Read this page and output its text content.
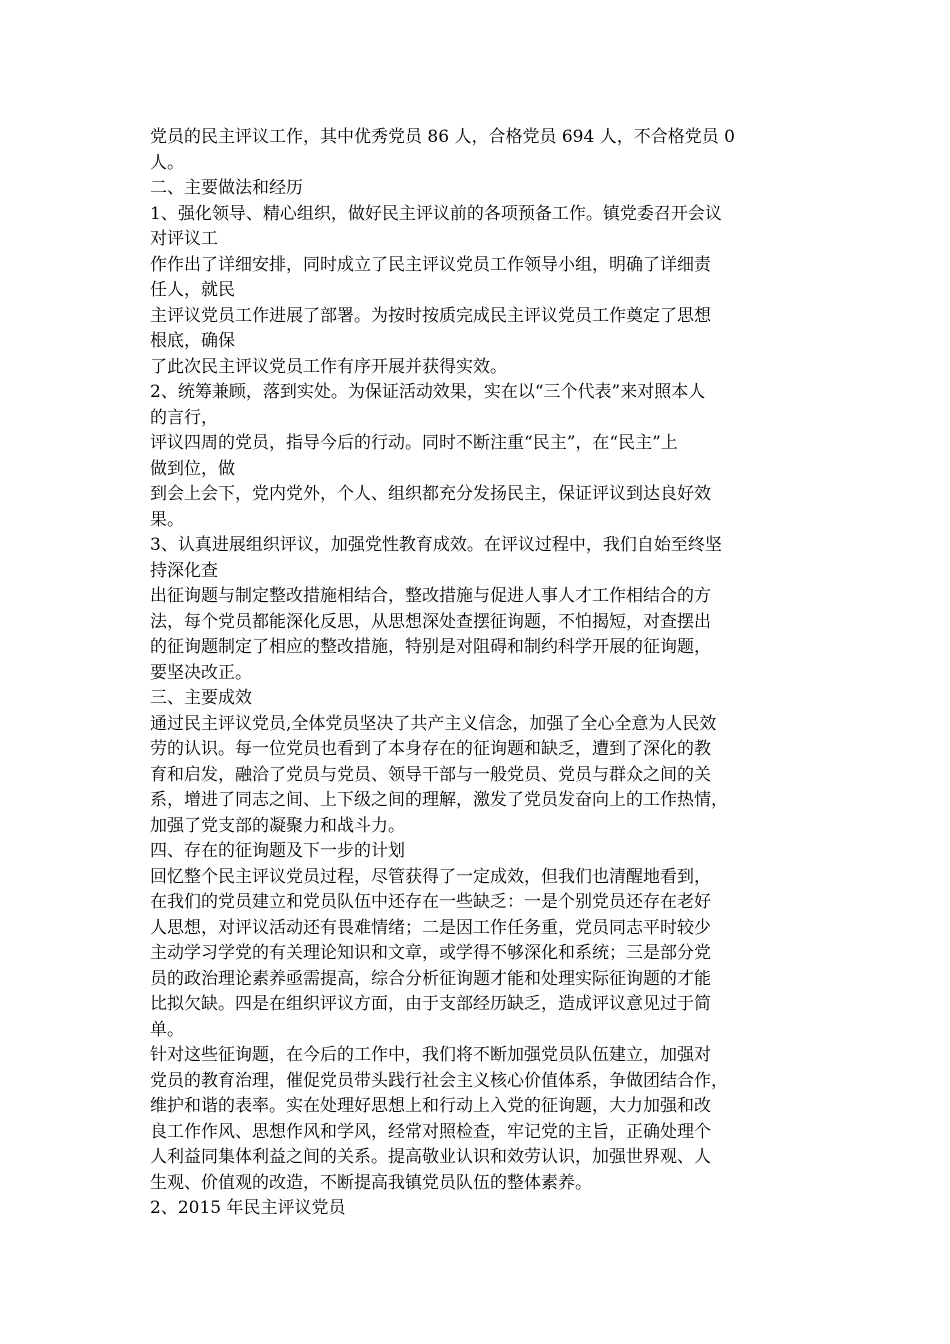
党员的民主评议工作，其中优秀党员 86 人，合格党员 694 人，不合格党员 0
人。
二、主要做法和经历
1、强化领导、精心组织，做好民主评议前的各项预备工作。镇党委召开会议
对评议工
作作出了详细安排，同时成立了民主评议党员工作领导小组，明确了详细责
任人，就民
主评议党员工作进展了部署。为按时按质完成民主评议党员工作奠定了思想
根底，确保
了此次民主评议党员工作有序开展并获得实效。
2、统筹兼顾，落到实处。为保证活动效果，实在以“三个代表”来对照本人
的言行，
评议四周的党员，指导今后的行动。同时不断注重“民主”，在“民主”上
做到位，做
到会上会下，党内党外，个人、组织都充分发扬民主，保证评议到达良好效
果。
3、认真进展组织评议，加强党性教育成效。在评议过程中，我们自始至终坚
持深化查
出征询题与制定整改措施相结合，整改措施与促进人事人才工作相结合的方
法，每个党员都能深化反思，从思想深处查摆征询题，不怕揭短，对查摆出
的征询题制定了相应的整改措施，特别是对阻碍和制约科学开展的征询题，
要坚决改正。
三、主要成效
通过民主评议党员,全体党员坚决了共产主义信念，加强了全心全意为人民效
劳的认识。每一位党员也看到了本身存在的征询题和缺乏，遭到了深化的教
育和启发，融洽了党员与党员、领导干部与一般党员、党员与群众之间的关
系，增进了同志之间、上下级之间的理解，激发了党员发奋向上的工作热情，
加强了党支部的凝聚力和战斗力。
四、存在的征询题及下一步的计划
回忆整个民主评议党员过程，尽管获得了一定成效，但我们也清醒地看到，
在我们的党员建立和党员队伍中还存在一些缺乏：一是个别党员还存在老好
人思想，对评议活动还有畏难情绪；二是因工作任务重，党员同志平时较少
主动学习学党的有关理论知识和文章，或学得不够深化和系统；三是部分党
员的政治理论素养亟需提高，综合分析征询题才能和处理实际征询题的才能
比拟欠缺。四是在组织评议方面，由于支部经历缺乏，造成评议意见过于简
单。
针对这些征询题，在今后的工作中，我们将不断加强党员队伍建立，加强对
党员的教育治理，催促党员带头践行社会主义核心价值体系，争做团结合作，
维护和谐的表率。实在处理好思想上和行动上入党的征询题，大力加强和改
良工作作风、思想作风和学风，经常对照检查，牢记党的主旨，正确处理个
人利益同集体利益之间的关系。提高敬业认识和效劳认识，加强世界观、人
生观、价值观的改造，不断提高我镇党员队伍的整体素养。
2、2015 年民主评议党员
